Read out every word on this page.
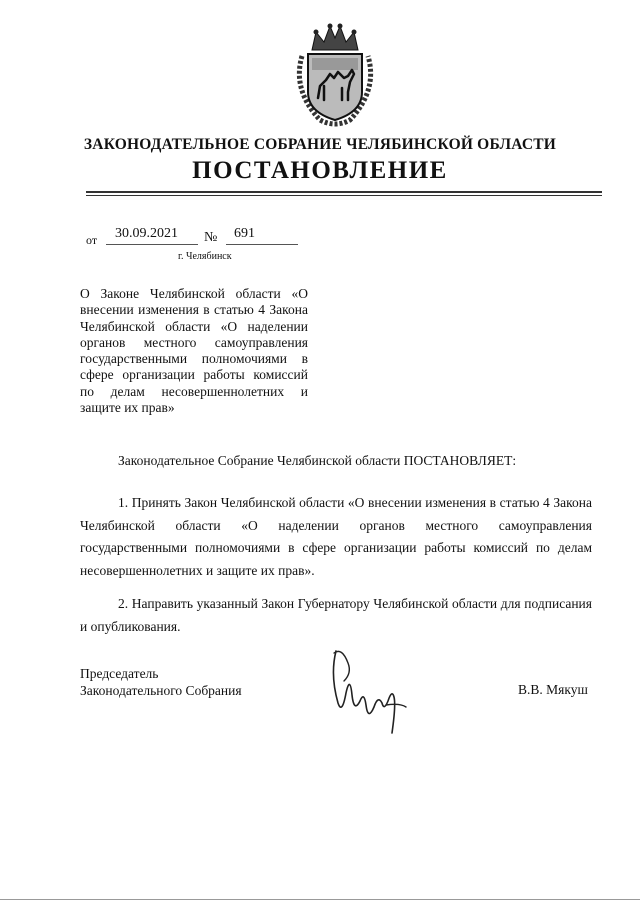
ЗАКОНОДАТЕЛЬНОЕ СОБРАНИЕ ЧЕЛЯБИНСКОЙ ОБЛАСТИ
ПОСТАНОВЛЕНИЕ
от 30.09.2021 № 691
г. Челябинск
О Законе Челябинской области «О внесении изменения в статью 4 Закона Челябинской области «О наделении органов местного самоуправления государственными полномочиями в сфере организации работы комиссий по делам несовершеннолетних и защите их прав»
Законодательное Собрание Челябинской области ПОСТАНОВЛЯЕТ:
1. Принять Закон Челябинской области «О внесении изменения в статью 4 Закона Челябинской области «О наделении органов местного самоуправления государственными полномочиями в сфере организации работы комиссий по делам несовершеннолетних и защите их прав».
2. Направить указанный Закон Губернатору Челябинской области для подписания и опубликования.
Председатель
Законодательного Собрания	В.В. Мякуш
